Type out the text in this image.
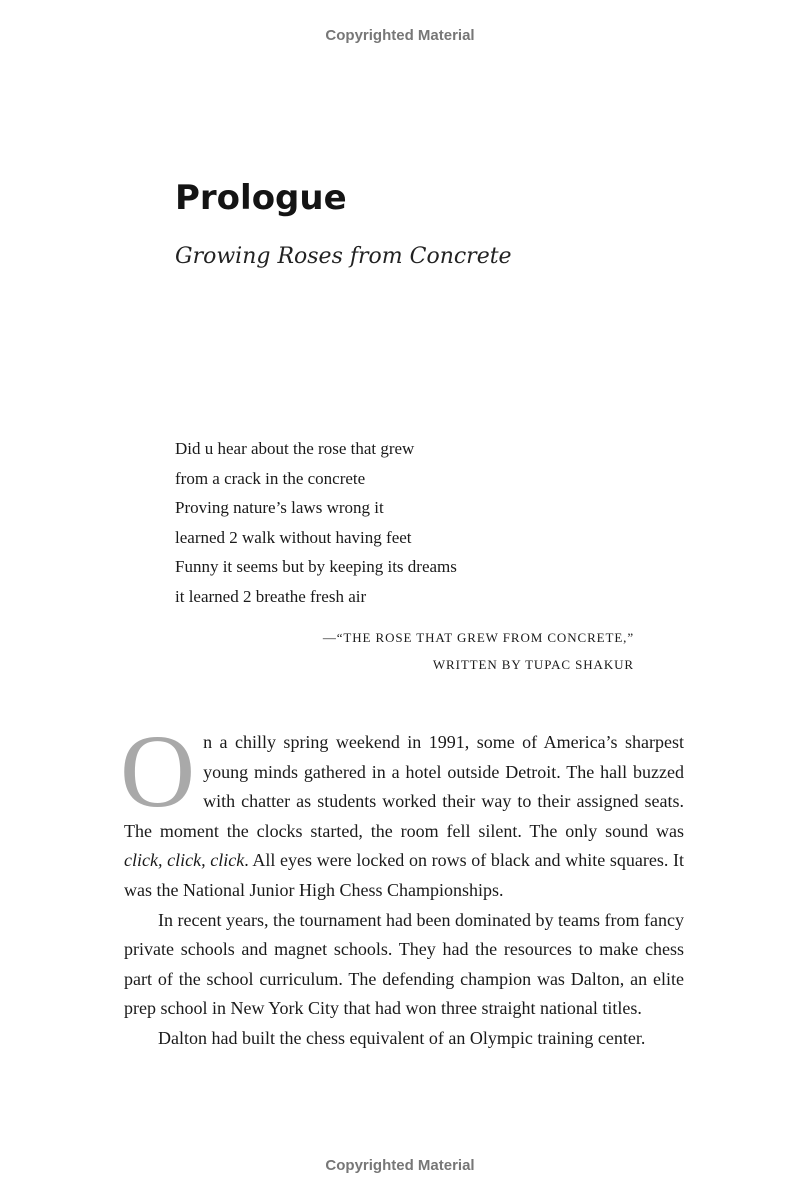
Copyrighted Material
Prologue
Growing Roses from Concrete
Did u hear about the rose that grew
from a crack in the concrete
Proving nature’s laws wrong it
learned 2 walk without having feet
Funny it seems but by keeping its dreams
it learned 2 breathe fresh air
—“THE ROSE THAT GREW FROM CONCRETE,”
WRITTEN BY TUPAC SHAKUR

On a chilly spring weekend in 1991, some of America’s sharpest young minds gathered in a hotel outside Detroit. The hall buzzed with chatter as students worked their way to their assigned seats. The moment the clocks started, the room fell silent. The only sound was click, click, click. All eyes were locked on rows of black and white squares. It was the National Junior High Chess Championships.

In recent years, the tournament had been dominated by teams from fancy private schools and magnet schools. They had the resources to make chess part of the school curriculum. The defending champion was Dalton, an elite prep school in New York City that had won three straight national titles.

Dalton had built the chess equivalent of an Olympic training center.

Copyrighted Material
